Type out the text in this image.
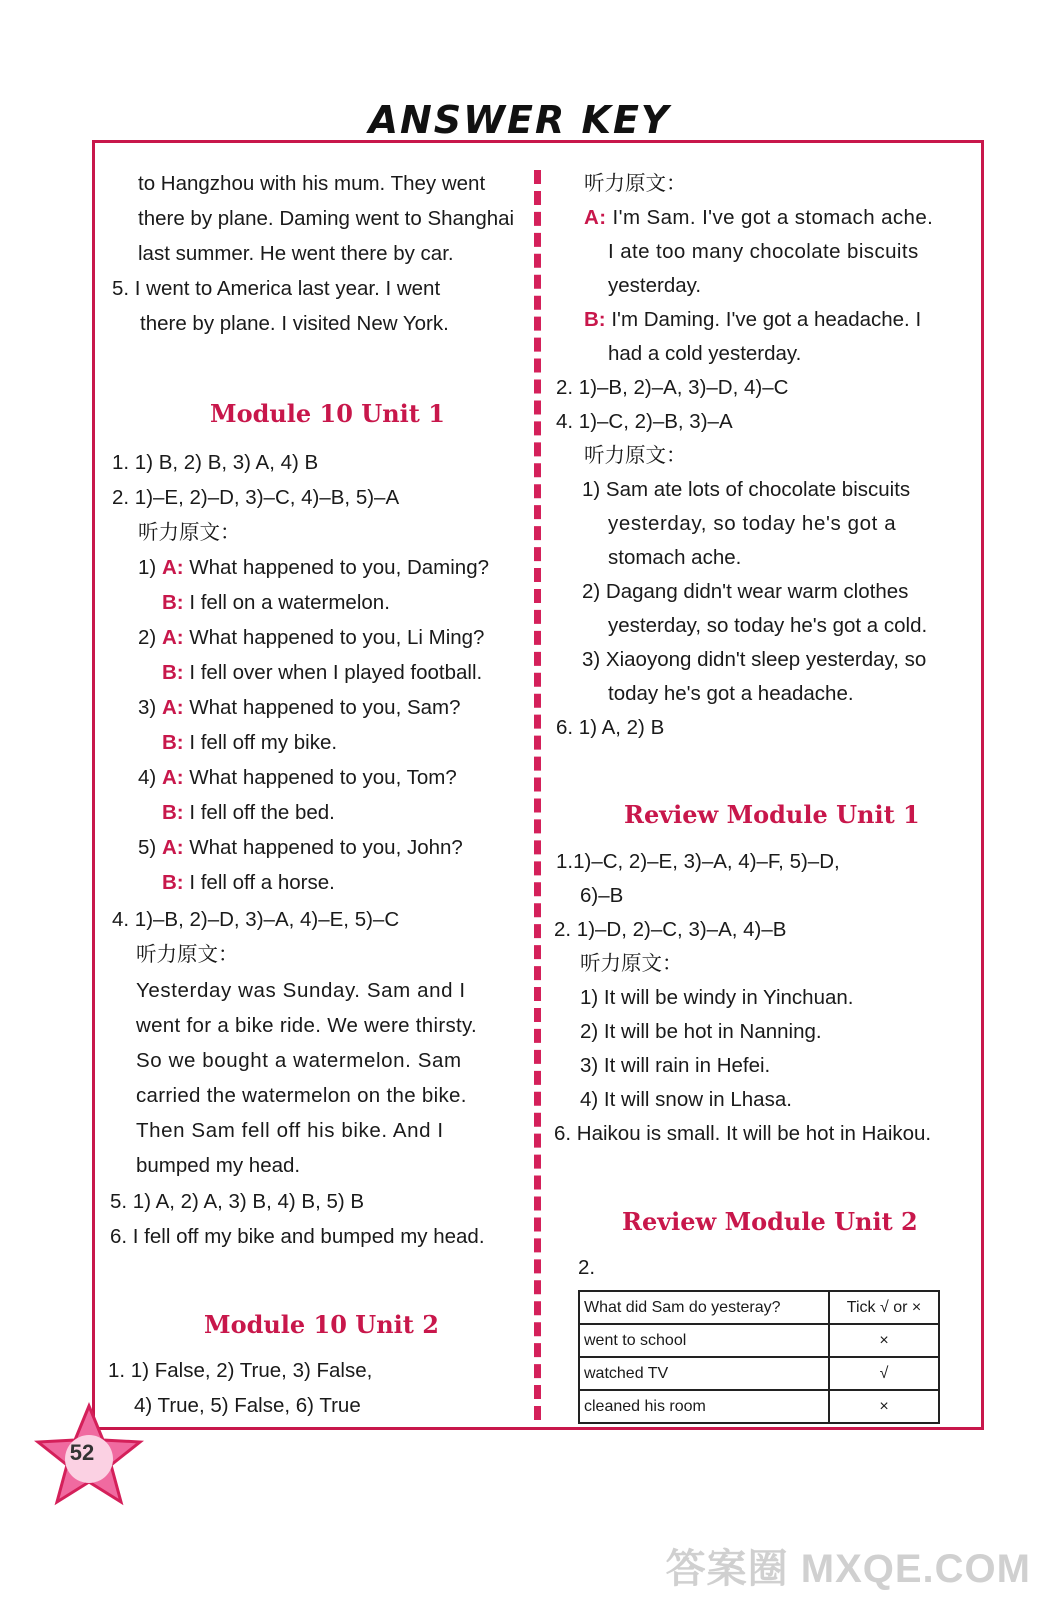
ANSWER KEY
to Hangzhou with his mum. They went
there by plane. Daming went to Shanghai
last summer. He went there by car.
5. I went to America last year. I went
there by plane. I visited New York.
Module 10 Unit 1
1. 1) B, 2) B, 3) A, 4) B
2. 1)–E, 2)–D, 3)–C, 4)–B, 5)–A
听力原文：
1) A: What happened to you, Daming?
B: I fell on a watermelon.
2) A: What happened to you, Li Ming?
B: I fell over when I played football.
3) A: What happened to you, Sam?
B: I fell off my bike.
4) A: What happened to you, Tom?
B: I fell off the bed.
5) A: What happened to you, John?
B: I fell off a horse.
4. 1)–B, 2)–D, 3)–A, 4)–E, 5)–C
听力原文：
Yesterday was Sunday. Sam and I
went for a bike ride. We were thirsty.
So we bought a watermelon. Sam
carried the watermelon on the bike.
Then Sam fell off his bike. And I
bumped my head.
5. 1) A, 2) A, 3) B, 4) B, 5) B
6. I fell off my bike and bumped my head.
Module 10 Unit 2
1. 1) False, 2) True, 3) False,
4) True, 5) False, 6) True
听力原文：
A: I'm Sam. I've got a stomach ache.
I ate too many chocolate biscuits
yesterday.
B: I'm Daming. I've got a headache. I
had a cold yesterday.
2. 1)–B, 2)–A, 3)–D, 4)–C
4. 1)–C, 2)–B, 3)–A
听力原文：
1) Sam ate lots of chocolate biscuits
yesterday, so today he's got a
stomach ache.
2) Dagang didn't wear warm clothes
yesterday, so today he's got a cold.
3) Xiaoyong didn't sleep yesterday, so
today he's got a headache.
6. 1) A, 2) B
Review Module Unit 1
1.1)–C, 2)–E, 3)–A, 4)–F, 5)–D,
6)–B
2. 1)–D, 2)–C, 3)–A, 4)–B
听力原文：
1) It will be windy in Yinchuan.
2) It will be hot in Nanning.
3) It will rain in Hefei.
4) It will snow in Lhasa.
6. Haikou is small. It will be hot in Haikou.
Review Module Unit 2
2.
What did Sam do yesteray?	Tick √ or ×
went to school	×
watched TV	√
cleaned his room	×
52
答案圈 MXQE.COM
